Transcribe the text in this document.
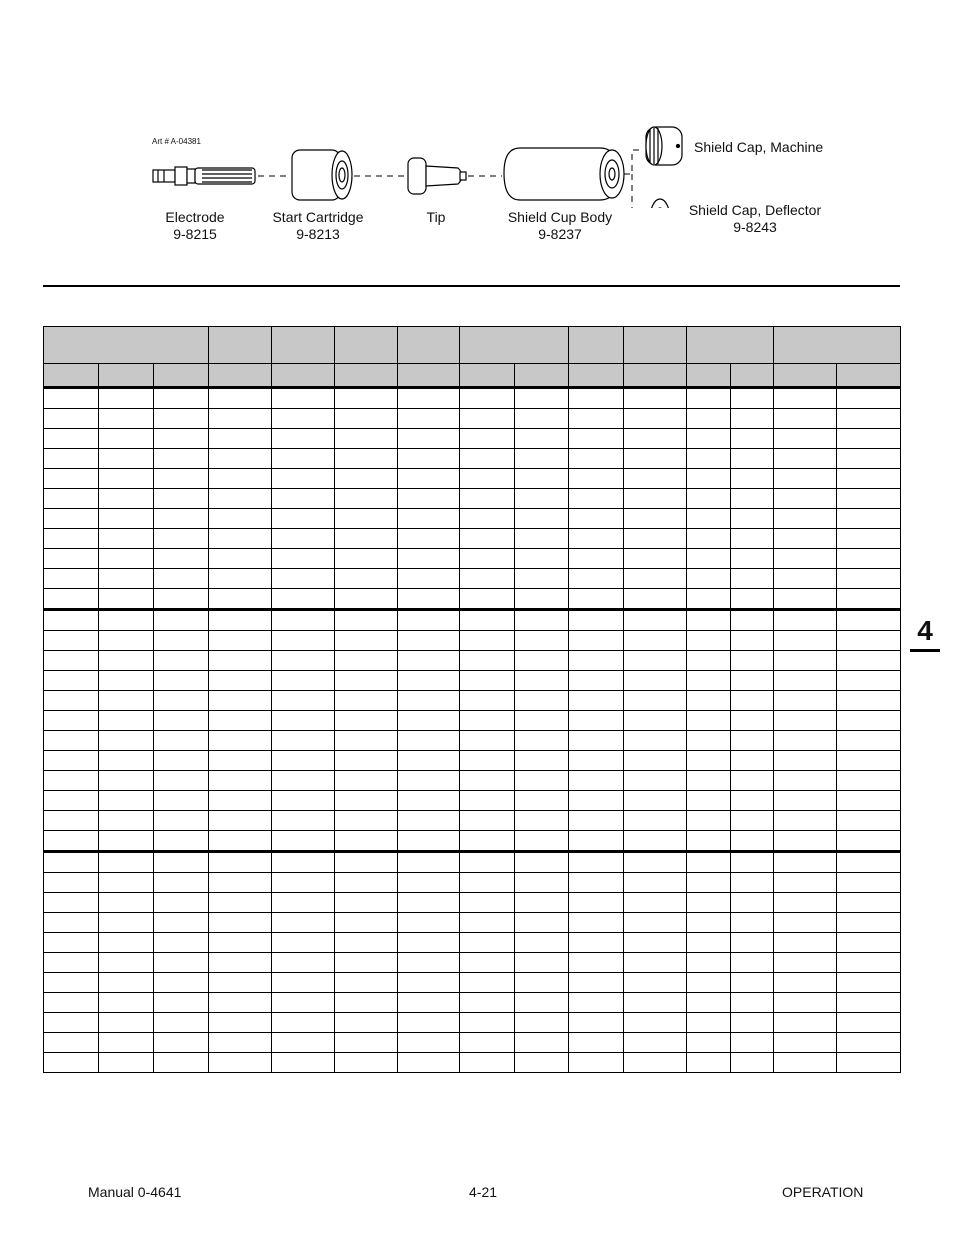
Art # A-04381
Electrode
9-8215
Start Cartridge
9-8213
Tip	Shield Cup Body
9-8237
Shield Cap, Machine
Shield Cap, Deflector
9-8243
4

Manual 0-4641	4-21	OPERATION
